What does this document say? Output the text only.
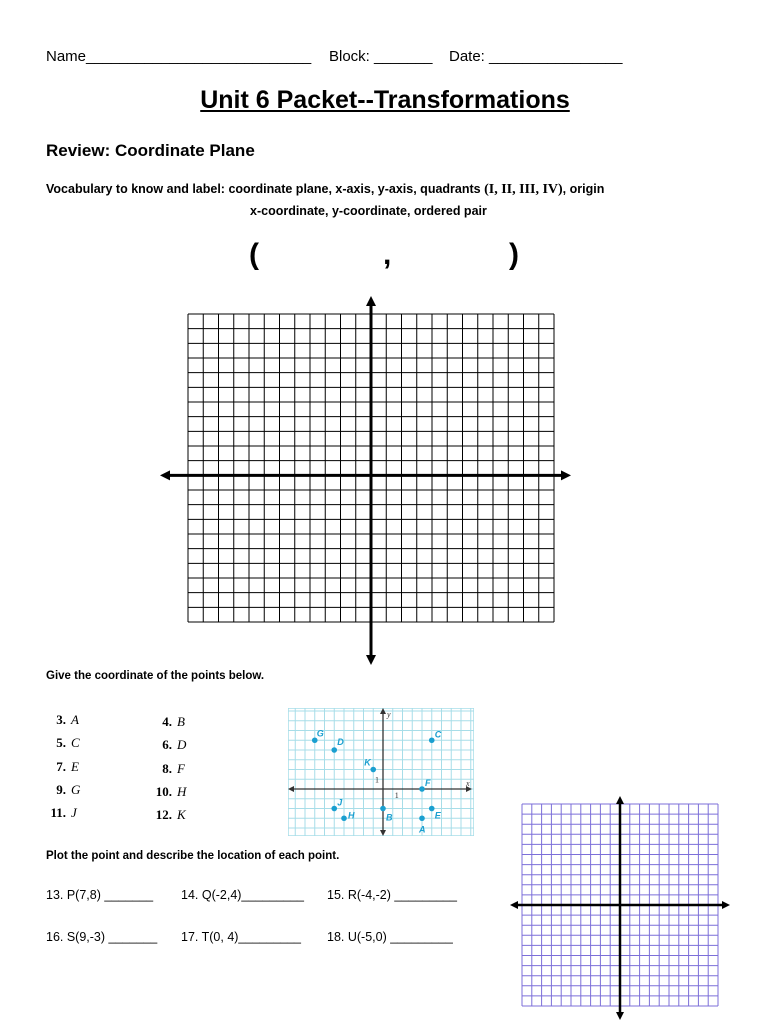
Name___________________________ Block: _______ Date: ________________
Unit 6 Packet--Transformations
Review: Coordinate Plane
Vocabulary to know and label: coordinate plane, x-axis, y-axis, quadrants (I, II, III, IV), origin
x-coordinate, y-coordinate, ordered pair
(	,	)
Give the coordinate of the points below.
3. A	4. B
5. C	6. D
7. E	8. F
9. G	10. H
11. J	12. K
y
x
1
1
A
B
C
D
E
F
G
H
J
K
Plot the point and describe the location of each point.
13. P(7,8) _______ 14. Q(-2,4)_________ 15. R(-4,-2) _________
16. S(9,-3) _______ 17. T(0, 4)_________ 18. U(-5,0) _________
